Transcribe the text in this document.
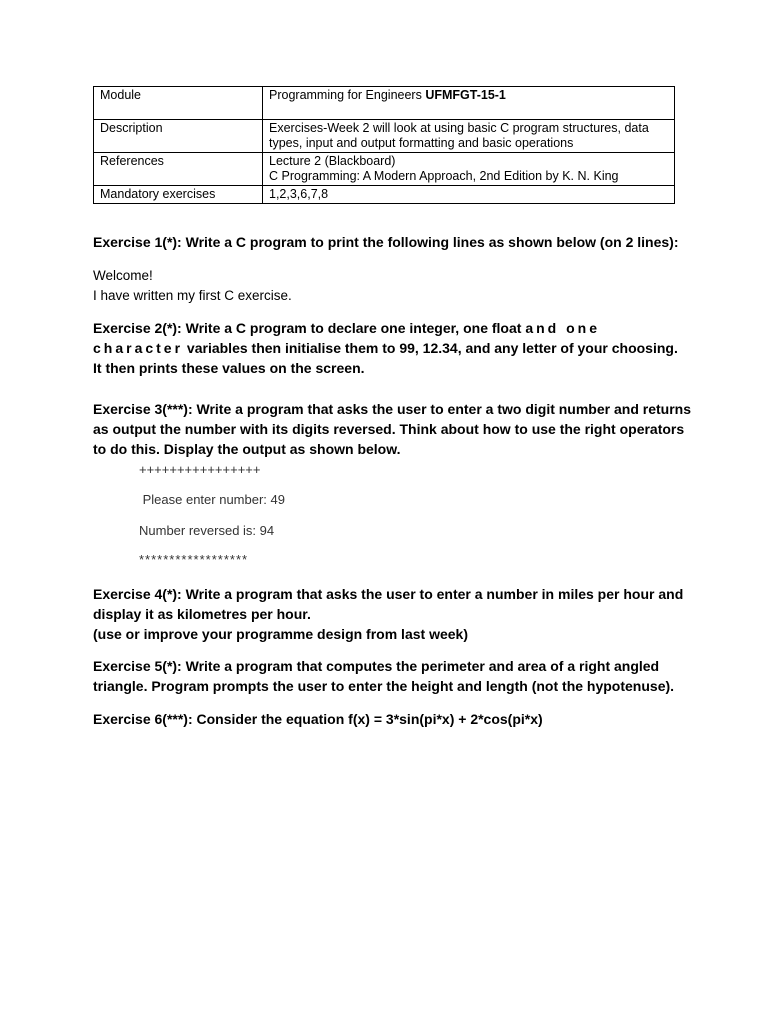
Module	Programming for Engineers UFMFGT-15-1
Description	Exercises-Week 2 will look at using basic C program structures, data types, input and output formatting and basic operations
References	Lecture 2 (Blackboard)
C Programming: A Modern Approach, 2nd Edition by K. N. King

Mandatory exercises	1,2,3,6,7,8
Exercise 1(*): Write a C program to print the following lines as shown below (on 2 lines):
Welcome!
I have written my first C exercise.
Exercise 2(*): Write a C program to declare one integer, one float and one
character variables then initialise them to 99, 12.34, and any letter of your choosing.
It then prints these values on the screen.
Exercise 3(***): Write a program that asks the user to enter a two digit number and returns
as output the number with its digits reversed. Think about how to use the right operators
to do this. Display the output as shown below.
++++++++++++++++
Please enter number: 49
Number reversed is: 94
******************
Exercise 4(*): Write a program that asks the user to enter a number in miles per hour and
display it as kilometres per hour.
(use or improve your programme design from last week)
Exercise 5(*): Write a program that computes the perimeter and area of a right angled
triangle. Program prompts the user to enter the height and length (not the hypotenuse).
Exercise 6(***): Consider the equation f(x) = 3*sin(pi*x) + 2*cos(pi*x)
